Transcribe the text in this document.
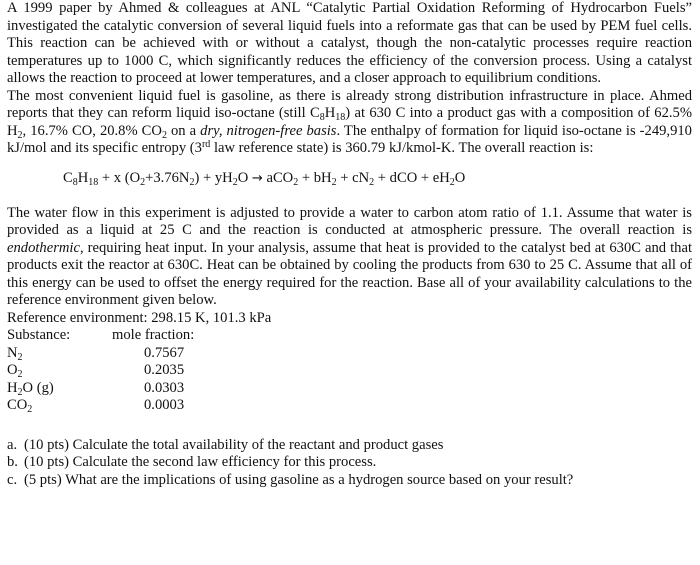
A 1999 paper by Ahmed & colleagues at ANL “Catalytic Partial Oxidation Reforming of Hydrocarbon Fuels” investigated the catalytic conversion of several liquid fuels into a reformate gas that can be used by PEM fuel cells. This reaction can be achieved with or without a catalyst, though the non-catalytic processes require reaction temperatures up to 1000 C, which significantly reduces the efficiency of the conversion process. Using a catalyst allows the reaction to proceed at lower temperatures, and a closer approach to equilibrium conditions.

The most convenient liquid fuel is gasoline, as there is already strong distribution infrastructure in place. Ahmed reports that they can reform liquid iso-octane (still $C_8H_{18}$) at 630 C into a product gas with a composition of 62.5% $H_2$, 16.7% CO, 20.8% $CO_2$ on a dry, nitrogen-free basis. The enthalpy of formation for liquid iso-octane is -249,910 kJ/mol and its specific entropy (3rd law reference state) is 360.79 kJ/kmol-K. The overall reaction is:

$C_8H_{18} + x$ $(O_2+3.76N_2) + yH_2O \to aCO_2 + bH_2 + cN_2$ + dCO + $eH_2O$

The water flow in this experiment is adjusted to provide a water to carbon atom ratio of 1.1. Assume that water is provided as a liquid at 25 C and the reaction is conducted at atmospheric pressure. The overall reaction is endothermic, requiring heat input. In your analysis, assume that heat is provided to the catalyst bed at 630C and that products exit the reactor at 630C. Heat can be obtained by cooling the products from 630 to 25 C. Assume that all of this energy can be used to offset the energy required for the reaction. Base all of your availability calculations to the reference environment given below.

Reference environment: 298.15 K, 101.3 kPa

Substance:	mole fraction:
$N_2$	0.7567
$O_2$	0.2035
$H_2O$ (g)	0.0303
$CO_2$	0.0003
a. (10 pts) Calculate the total availability of the reactant and product gases
b. (10 pts) Calculate the second law efficiency for this process.
c. (5 pts) What are the implications of using gasoline as a hydrogen source based on your result?
